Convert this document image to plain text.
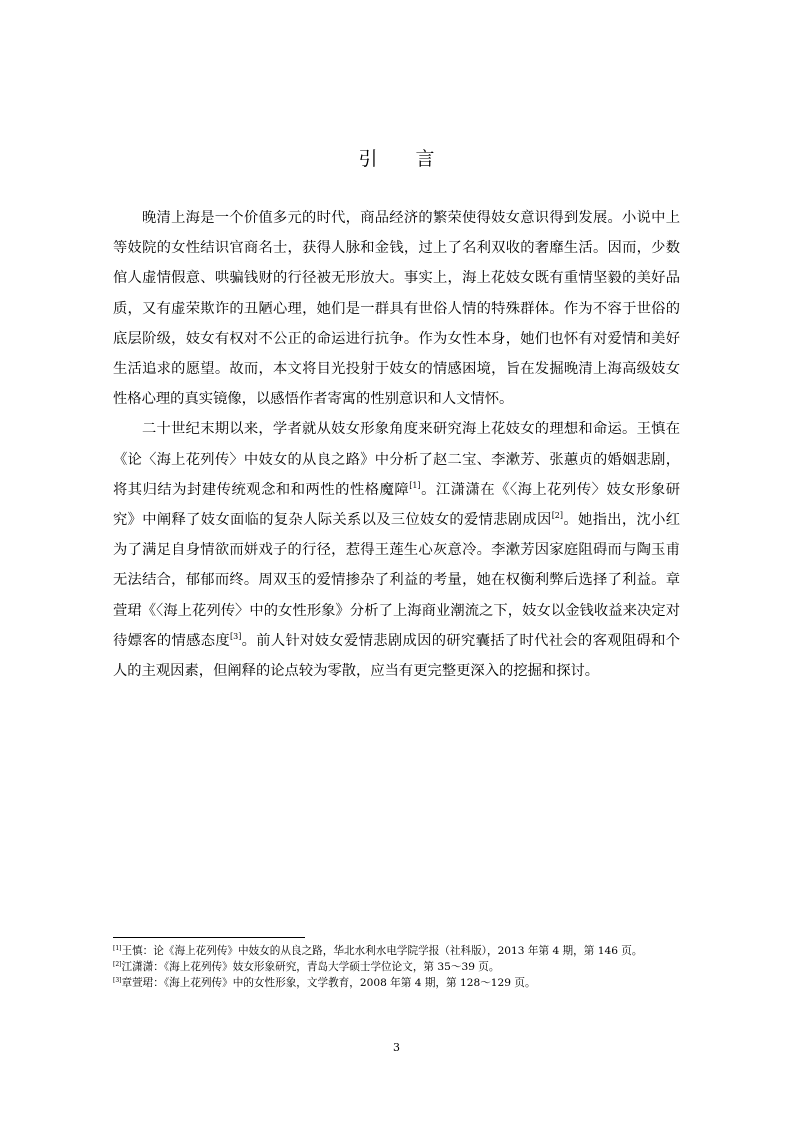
引 言

晚清上海是一个价值多元的时代，商品经济的繁荣使得妓女意识得到发展。小说中上等妓院的女性结识官商名士，获得人脉和金钱，过上了名利双收的奢靡生活。因而，少数倌人虚情假意、哄骗钱财的行径被无形放大。事实上，海上花妓女既有重情坚毅的美好品质，又有虚荣欺诈的丑陋心理，她们是一群具有世俗人情的特殊群体。作为不容于世俗的底层阶级，妓女有权对不公正的命运进行抗争。作为女性本身，她们也怀有对爱情和美好生活追求的愿望。故而，本文将目光投射于妓女的情感困境，旨在发掘晚清上海高级妓女性格心理的真实镜像，以感悟作者寄寓的性别意识和人文情怀。

二十世纪末期以来，学者就从妓女形象角度来研究海上花妓女的理想和命运。王慎在《论〈海上花列传〉中妓女的从良之路》中分析了赵二宝、李漱芳、张蕙贞的婚姻悲剧，将其归结为封建传统观念和和两性的性格魔障[1]。江潇潇在《〈海上花列传〉妓女形象研究》中阐释了妓女面临的复杂人际关系以及三位妓女的爱情悲剧成因[2]。她指出，沈小红为了满足自身情欲而姘戏子的行径，惹得王莲生心灰意冷。李漱芳因家庭阻碍而与陶玉甫无法结合，郁郁而终。周双玉的爱情掺杂了利益的考量，她在权衡利弊后选择了利益。章萱珺《〈海上花列传〉中的女性形象》分析了上海商业潮流之下，妓女以金钱收益来决定对待嫖客的情感态度[3]。前人针对妓女爱情悲剧成因的研究囊括了时代社会的客观阻碍和个人的主观因素，但阐释的论点较为零散，应当有更完整更深入的挖掘和探讨。

[1]王慎：论《海上花列传》中妓女的从良之路，华北水利水电学院学报（社科版），2013 年第 4 期，第 146 页。

[2]江潇潇：《海上花列传》妓女形象研究，青岛大学硕士学位论文，第 35～39 页。

[3]章萱珺：《海上花列传》中的女性形象，文学教育，2008 年第 4 期，第 128～129 页。

3
